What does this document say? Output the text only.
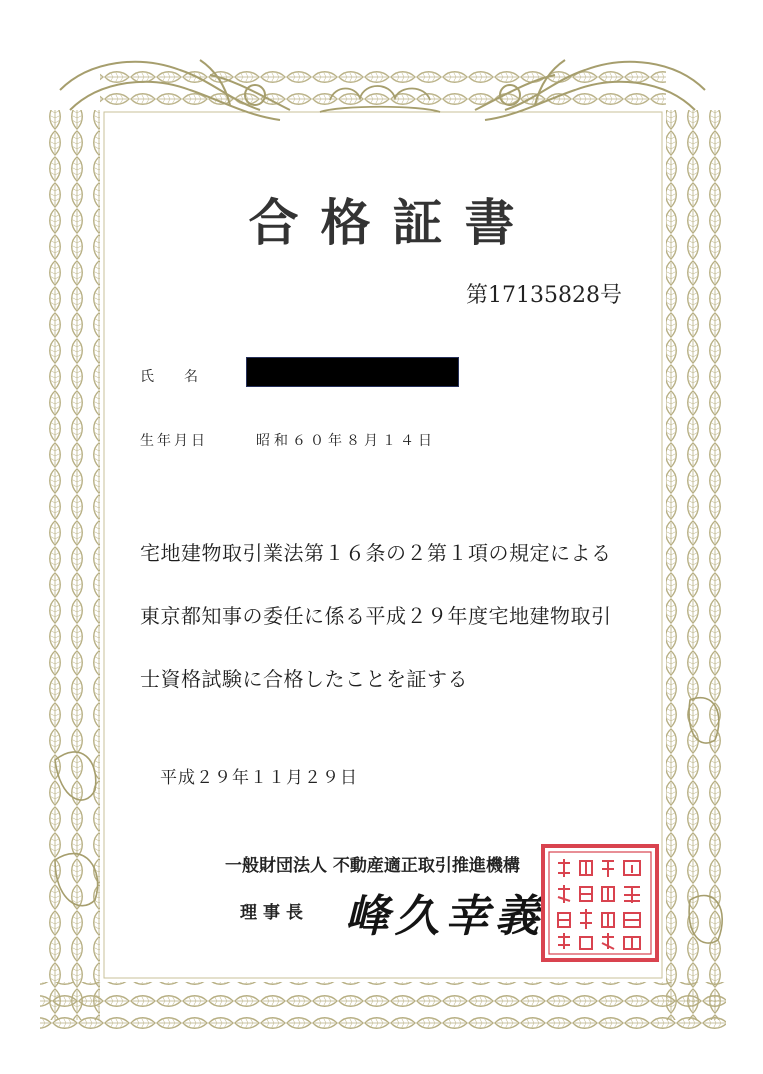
合格証書
第17135828号
氏名
生年月日	昭和６０年８月１４日
宅地建物取引業法第１６条の２第１項の規定による
東京都知事の委任に係る平成２９年度宅地建物取引
士資格試験に合格したことを証する
平成２９年１１月２９日
一般財団法人 不動産適正取引推進機構
理事長 峰久幸義
